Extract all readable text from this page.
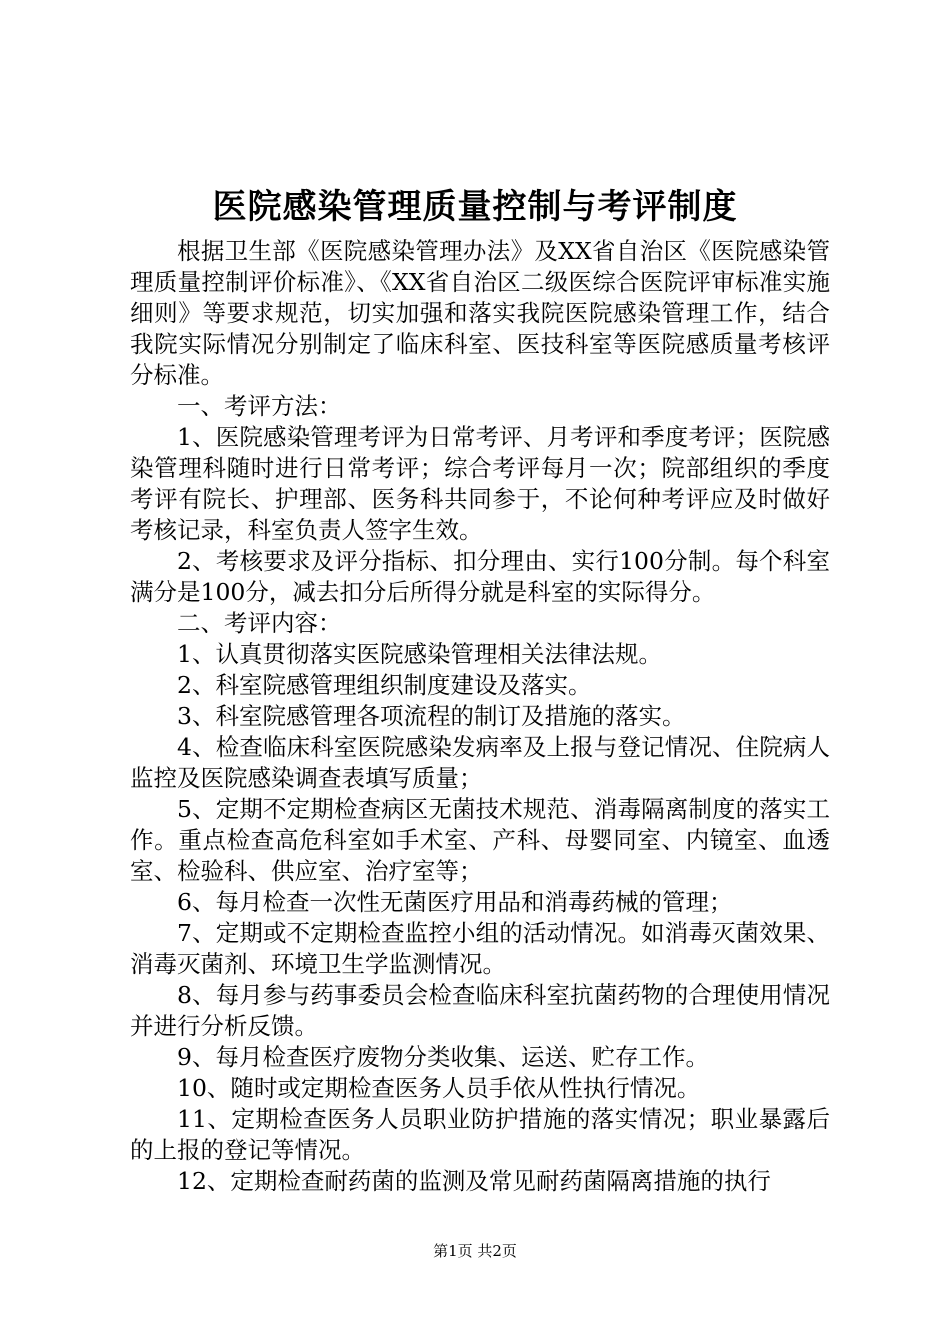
医院感染管理质量控制与考评制度

根据卫生部《医院感染管理办法》及XX省自治区《医院感染管理质量控制评价标准》、《XX省自治区二级医综合医院评审标准实施细则》等要求规范，切实加强和落实我院医院感染管理工作，结合我院实际情况分别制定了临床科室、医技科室等医院感质量考核评分标准。

一、考评方法：

1、医院感染管理考评为日常考评、月考评和季度考评；医院感染管理科随时进行日常考评；综合考评每月一次；院部组织的季度考评有院长、护理部、医务科共同参于，不论何种考评应及时做好考核记录，科室负责人签字生效。

2、考核要求及评分指标、扣分理由、实行100分制。每个科室满分是100分，减去扣分后所得分就是科室的实际得分。

二、考评内容：

1、认真贯彻落实医院感染管理相关法律法规。

2、科室院感管理组织制度建设及落实。

3、科室院感管理各项流程的制订及措施的落实。

4、检查临床科室医院感染发病率及上报与登记情况、住院病人监控及医院感染调查表填写质量；

5、定期不定期检查病区无菌技术规范、消毒隔离制度的落实工作。重点检查高危科室如手术室、产科、母婴同室、内镜室、血透室、检验科、供应室、治疗室等；

6、每月检查一次性无菌医疗用品和消毒药械的管理；

7、定期或不定期检查监控小组的活动情况。如消毒灭菌效果、消毒灭菌剂、环境卫生学监测情况。

8、每月参与药事委员会检查临床科室抗菌药物的合理使用情况并进行分析反馈。

9、每月检查医疗废物分类收集、运送、贮存工作。

10、随时或定期检查医务人员手依从性执行情况。

11、定期检查医务人员职业防护措施的落实情况；职业暴露后的上报的登记等情况。

12、定期检查耐药菌的监测及常见耐药菌隔离措施的执行

第1页 共2页
